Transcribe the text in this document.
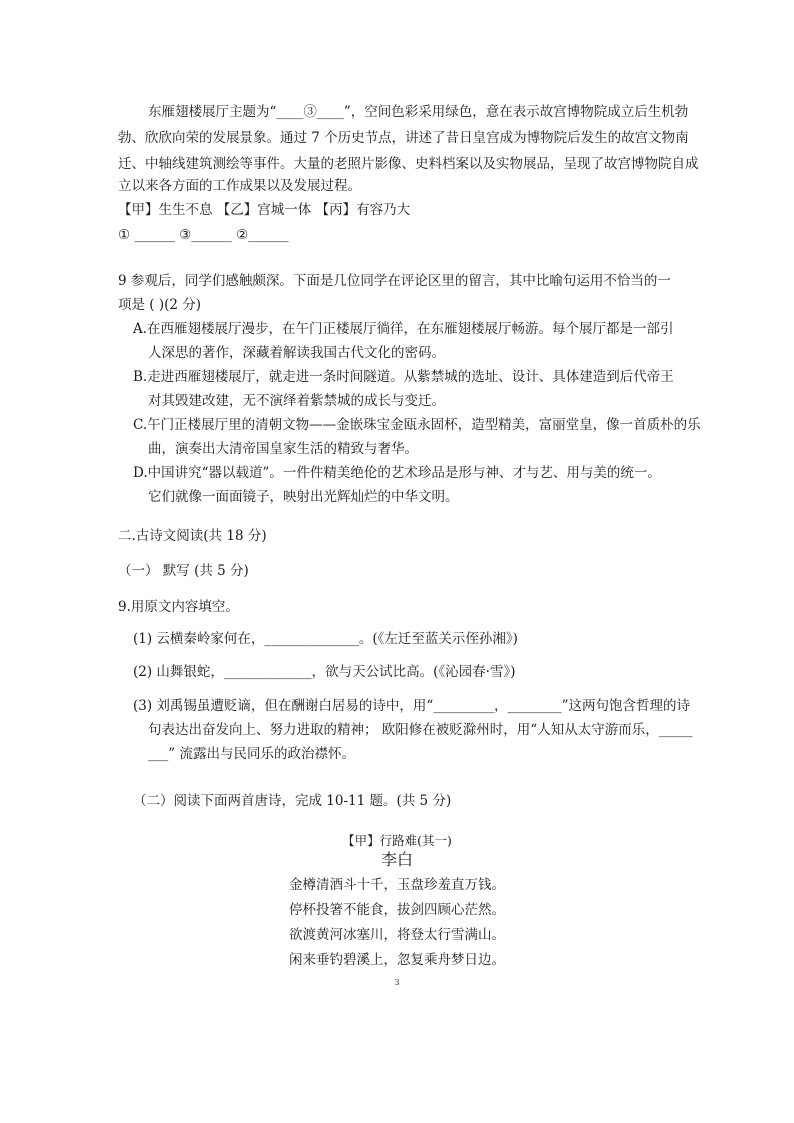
东雁翅楼展厅主题为“____③____”，空间色彩采用绿色，意在表示故宫博物院成立后生机勃
勃、欣欣向荣的发展景象。通过 7 个历史节点，讲述了昔日皇宫成为博物院后发生的故宫文物南
迁、中轴线建筑测绘等事件。大量的老照片影像、史料档案以及实物展品，呈现了故宫博物院自成
立以来各方面的工作成果以及发展过程。
【甲】生生不息 【乙】宫城一体 【丙】有容乃大
① ______ ③______ ②______
9 参观后，同学们感触颇深。下面是几位同学在评论区里的留言，其中比喻句运用不恰当的一
项是 ( )(2 分)
A.在西雁翅楼展厅漫步，在午门正楼展厅徜徉，在东雁翅楼展厅畅游。每个展厅都是一部引
人深思的著作，深藏着解读我国古代文化的密码。
B.走进西雁翅楼展厅，就走进一条时间隧道。从紫禁城的选址、设计、具体建造到后代帝王
对其毁建改建，无不演绎着紫禁城的成长与变迁。
C.午门正楼展厅里的清朝文物——金嵌珠宝金瓯永固杯，造型精美，富丽堂皇，像一首质朴的乐
曲，演奏出大清帝国皇家生活的精致与奢华。
D.中国讲究“器以载道”。一件件精美绝伦的艺术珍品是形与神、才与艺、用与美的统一。
它们就像一面面镜子，映射出光辉灿烂的中华文明。
二.古诗文阅读(共 18 分)
（一） 默写 (共 5 分)
9.用原文内容填空。
(1) 云横秦岭家何在，______________。(《左迁至蓝关示侄孙湘》)
(2) 山舞银蛇，_____________，欲与天公试比高。(《沁园春·雪》)
(3) 刘禹锡虽遭贬谪，但在酬谢白居易的诗中，用“_________，________”这两句饱含哲理的诗
句表达出奋发向上、努力进取的精神； 欧阳修在被贬滁州时，用“人知从太守游而乐，_____
___” 流露出与民同乐的政治襟怀。
（二）阅读下面两首唐诗，完成 10-11 题。(共 5 分)
【甲】行路难(其一)
李白
金樽清酒斗十千，玉盘珍羞直万钱。
停杯投箸不能食，拔剑四顾心茫然。
欲渡黄河冰塞川，将登太行雪满山。
闲来垂钓碧溪上，忽复乘舟梦日边。
3
